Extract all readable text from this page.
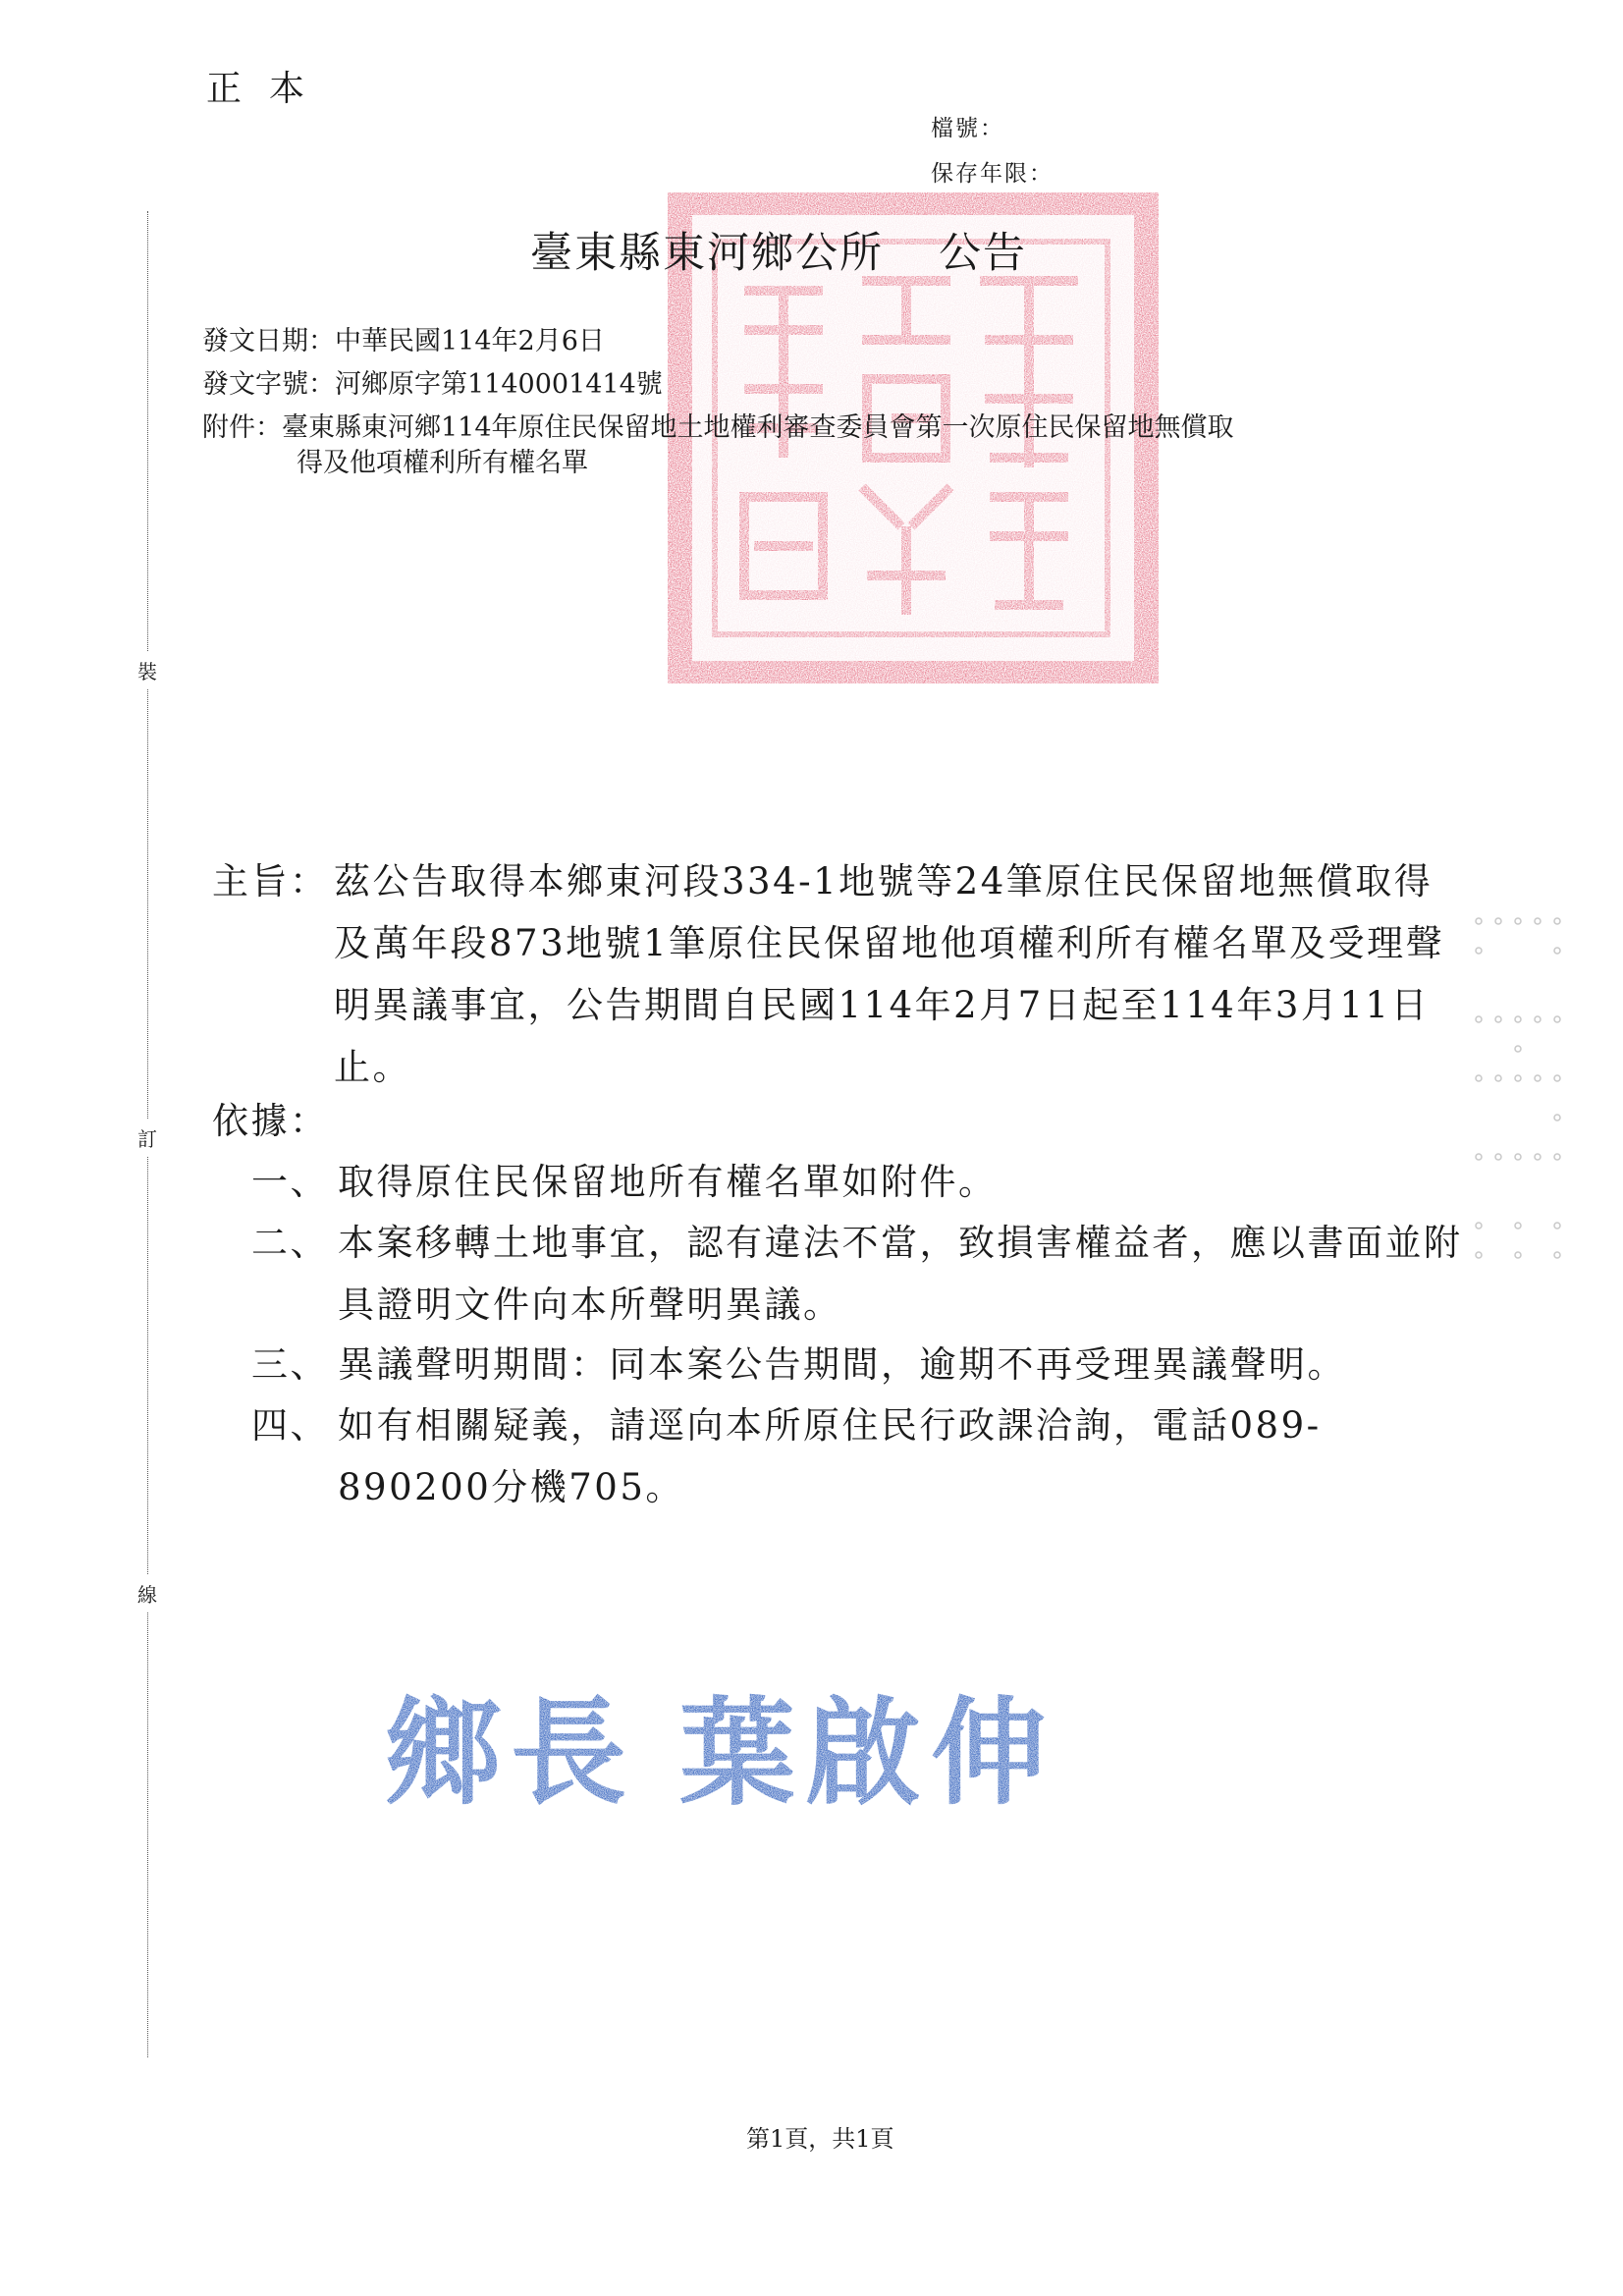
正本
檔號：
保存年限：
臺東縣東河鄉公所 公告
發文日期：中華民國114年2月6日
發文字號：河鄉原字第1140001414號
附件：臺東縣東河鄉114年原住民保留地土地權利審查委員會第一次原住民保留地無償取
得及他項權利所有權名單
裝
訂
線
主旨： 茲公告取得本鄉東河段334-1地號等24筆原住民保留地無償取得及萬年段873地號1筆原住民保留地他項權利所有權名單及受理聲明異議事宜，公告期間自民國114年2月7日起至114年3月11日止。
依據：
一、 取得原住民保留地所有權名單如附件。
二、 本案移轉土地事宜，認有違法不當，致損害權益者，應以書面並附具證明文件向本所聲明異議。
三、 異議聲明期間：同本案公告期間，逾期不再受理異議聲明。
四、 如有相關疑義，請逕向本所原住民行政課洽詢，電話089-890200分機705。
鄉長 葉啟伸
第1頁，共1頁
